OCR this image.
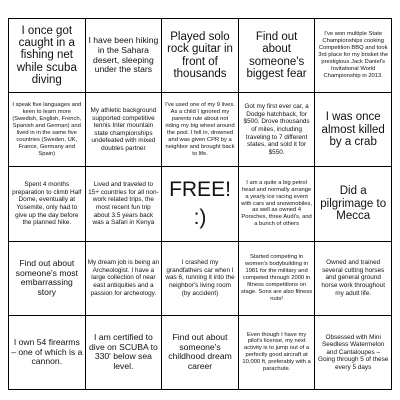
I once got caught in a fishing net while scuba diving
I have been hiking in the Sahara desert, sleeping under the stars
Played solo rock guitar in front of thousands
Find out about someone's biggest fear
I've won multiple State Championships cooking Competition BBQ and took 3rd place for my brisket the prestigious Jack Daniel's Invitational World Championship in 2013.
I speak five languages and keen to learn more (Swedish, English, French, Spanish and German) and lived in in the same five countries (Sweden, UK, France, Germany and Spain)
My athletic background supported competitive tennis Inter mountain state championships undefeated with mixed doubles partner
I've used one of my 9 lives. As a child I ignored my parents rule about not riding my big wheel around the pool. I fell in, drowned and was given CPR by a neighbor and brought back to life.
Got my first ever car, a Dodge hatchback, for $500. Drove thousands of miles, including traveling to 7 different states, and sold it for $550.
I was once almost killed by a crab
Spent 4 months preparation to climb Half Dome, eventually at Yosemite, only had to give up the day before the planned hike.
Lived and traveled to 15+ countries for all non-work related trips, the most recent fun trip about 3.5 years back was a Safari in Kenya
FREE!
:)
I am a quite a big petrol head and normally arrange a yearly ice racing event with cars and snowmobiles, as well as owned 4 Porsches, three Audi's, and a bunch of others
Did a pilgrimage to Mecca
Find out about someone's most embarrassing story
My dream job is being an Archeologist. I have a large collection of near east antiquities and a passion for archeology.
I crashed my grandfathers car when I was 6, running it into the neighbor's living room (by accident)
Started competing in women's bodybuilding in 1981 for the military and competed through 2000 in fitness competitions on stage. Sons are also fitness nuts!
Owned and trained several cutting horses and general ground horse work throughout my adult life.
I own 54 firearms – one of which is a cannon.
I am certified to dive on SCUBA to 330' below sea level.
Find out about someone's childhood dream career
Even though I have my pilot's license, my next activity is to jump out of a perfectly good aircraft at 10,000 ft, preferably with a parachute.
Obsessed with Mini Seedless Watermelon and Cantaloupes – Going through 5 of these every 5 days
